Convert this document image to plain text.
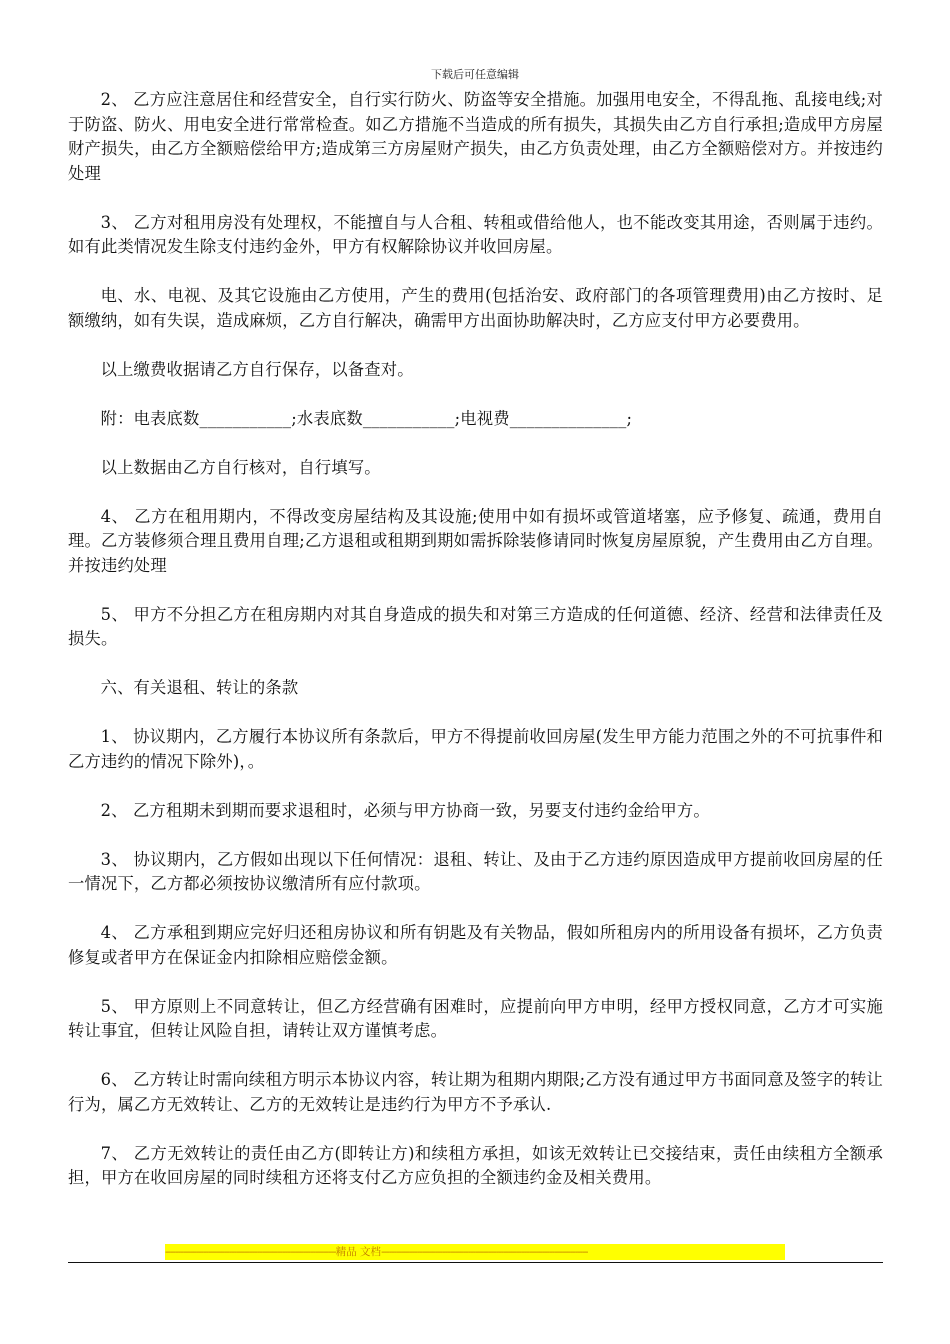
下载后可任意编辑

2、 乙方应注意居住和经营安全，自行实行防火、防盗等安全措施。加强用电安全，不得乱拖、乱接电线;对于防盗、防火、用电安全进行常常检查。如乙方措施不当造成的所有损失，其损失由乙方自行承担;造成甲方房屋财产损失，由乙方全额赔偿给甲方;造成第三方房屋财产损失，由乙方负责处理，由乙方全额赔偿对方。并按违约处理

3、 乙方对租用房没有处理权，不能擅自与人合租、转租或借给他人，也不能改变其用途，否则属于违约。如有此类情况发生除支付违约金外，甲方有权解除协议并收回房屋。

电、水、电视、及其它设施由乙方使用，产生的费用(包括治安、政府部门的各项管理费用)由乙方按时、足额缴纳，如有失误，造成麻烦，乙方自行解决，确需甲方出面协助解决时，乙方应支付甲方必要费用。

以上缴费收据请乙方自行保存，以备查对。

附：电表底数___________;水表底数___________;电视费______________;

以上数据由乙方自行核对，自行填写。

4、 乙方在租用期内，不得改变房屋结构及其设施;使用中如有损坏或管道堵塞，应予修复、疏通，费用自理。乙方装修须合理且费用自理;乙方退租或租期到期如需拆除装修请同时恢复房屋原貌，产生费用由乙方自理。并按违约处理

5、 甲方不分担乙方在租房期内对其自身造成的损失和对第三方造成的任何道德、经济、经营和法律责任及损失。

六、有关退租、转让的条款

1、 协议期内，乙方履行本协议所有条款后，甲方不得提前收回房屋(发生甲方能力范围之外的不可抗事件和乙方违约的情况下除外)，。

2、 乙方租期未到期而要求退租时，必须与甲方协商一致，另要支付违约金给甲方。

3、 协议期内，乙方假如出现以下任何情况：退租、转让、及由于乙方违约原因造成甲方提前收回房屋的任一情况下，乙方都必须按协议缴清所有应付款项。

4、 乙方承租到期应完好归还租房协议和所有钥匙及有关物品，假如所租房内的所用设备有损坏，乙方负责修复或者甲方在保证金内扣除相应赔偿金额。

5、 甲方原则上不同意转让，但乙方经营确有困难时，应提前向甲方申明，经甲方授权同意，乙方才可实施转让事宜，但转让风险自担，请转让双方谨慎考虑。

6、 乙方转让时需向续租方明示本协议内容，转让期为租期内期限;乙方没有通过甲方书面同意及签字的转让行为，属乙方无效转让、乙方的无效转让是违约行为甲方不予承认.

7、 乙方无效转让的责任由乙方(即转让方)和续租方承担，如该无效转让已交接结束，责任由续租方全额承担，甲方在收回房屋的同时续租方还将支付乙方应负担的全额违约金及相关费用。

-------------------------------------------------------------------精品 文档---------------------------------------------------------------------------------
